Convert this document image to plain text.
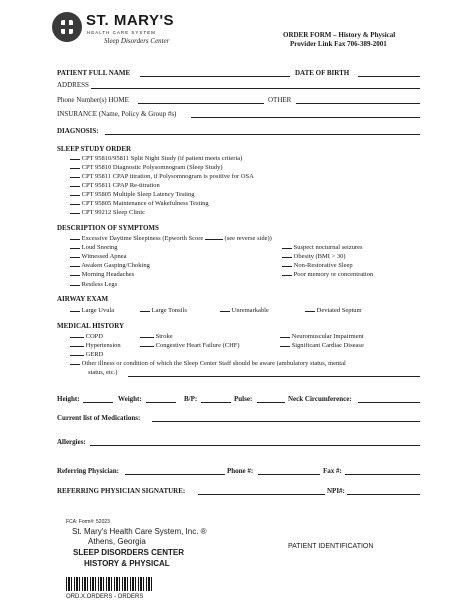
ST. MARY'S
HEALTH CARE SYSTEM
Sleep Disorders Center
ORDER FORM – History & Physical
Provider Link Fax 706-389-2001
PATIENT FULL NAME	DATE OF BIRTH
ADDRESS
Phone Number(s) HOME	OTHER
INSURANCE (Name, Policy & Group #s)
DIAGNOSIS:
SLEEP STUDY ORDER
CPT 95810/95811 Split Night Study (if patient meets criteria)
CPT 95810 Diagnostic Polysomnogram (Sleep Study)
CPT 95811 CPAP titration, if Polysomnogram is positive for OSA
CPT 95811 CPAP Re-titration
CPT 95805 Multiple Sleep Latency Testing
CPT 95805 Maintenance of Wakefulness Testing
CPT 99212 Sleep Clinic
DESCRIPTION OF SYMPTOMS
Excessive Daytime Sleepiness (Epworth Score	(see reverse side))
Loud Snoring
Witnessed Apnea
Awaken Gasping/Choking
Morning Headaches
Restless Legs
Suspect nocturnal seizures
Obesity (BMI > 30)
Non-Restorative Sleep
Poor memory or concentration
AIRWAY EXAM
Large Uvula	Large Tonsils	Unremarkable	Deviated Septum
MEDICAL HISTORY
COPD
Hypertension
GERD
Stroke
Congestive Heart Failure (CHF)
Neuromuscular Impairment
Significant Cardiac Disease
Other illness or condition of which the Sleep Center Staff should be aware (ambulatory status, mental
status, etc.)
Height:	Weight:	B/P:	Pulse:	Neck Circumference:
Current list of Medications:
Allergies:
Referring Physician:	Phone #:	Fax #:
REFERRING PHYSICIAN SIGNATURE:	NPI#:
FCA: Form#: 52023
St. Mary's Health Care System, Inc. ®
Athens, Georgia
SLEEP DISORDERS CENTER
HISTORY & PHYSICAL
PATIENT IDENTIFICATION
ORD.X.ORDERS - ORDERS
